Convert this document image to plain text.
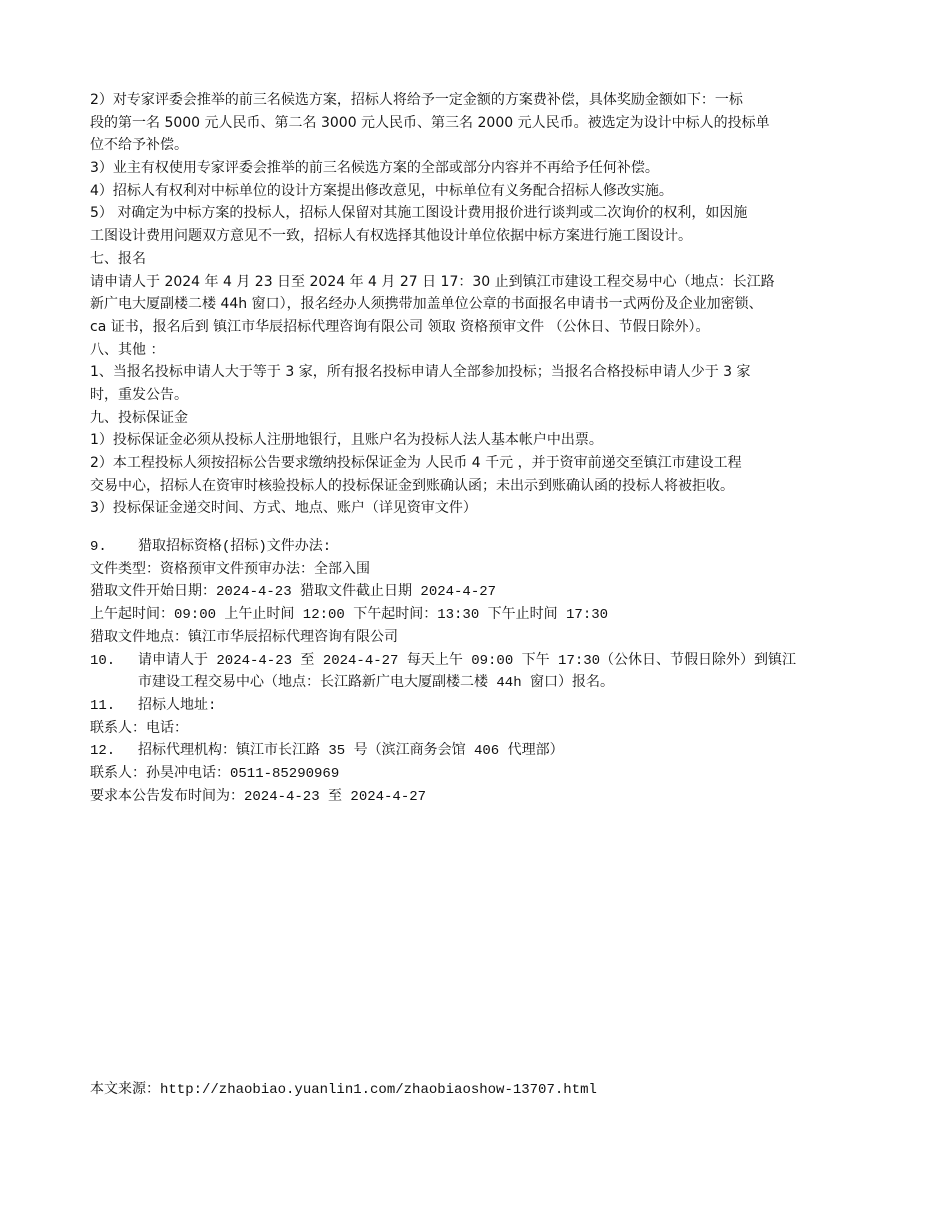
2）对专家评委会推举的前三名候选方案，招标人将给予一定金额的方案费补偿，具体奖励金额如下：一标
段的第一名 5000 元人民币、第二名 3000 元人民币、第三名 2000 元人民币。被选定为设计中标人的投标单
位不给予补偿。
3）业主有权使用专家评委会推举的前三名候选方案的全部或部分内容并不再给予任何补偿。
4）招标人有权利对中标单位的设计方案提出修改意见，中标单位有义务配合招标人修改实施。
5） 对确定为中标方案的投标人，招标人保留对其施工图设计费用报价进行谈判或二次询价的权利，如因施
工图设计费用问题双方意见不一致，招标人有权选择其他设计单位依据中标方案进行施工图设计。
七、报名
请申请人于 2024 年 4 月 23 日至 2024 年 4 月 27 日 17：30 止到镇江市建设工程交易中心（地点：长江路
新广电大厦副楼二楼 44h 窗口），报名经办人须携带加盖单位公章的书面报名申请书一式两份及企业加密锁、
ca 证书，报名后到 镇江市华辰招标代理咨询有限公司 领取 资格预审文件 （公休日、节假日除外）。
八、其他 ：
1、当报名投标申请人大于等于 3 家，所有报名投标申请人全部参加投标；当报名合格投标申请人少于 3 家
时，重发公告。
九、投标保证金
1）投标保证金必须从投标人注册地银行，且账户名为投标人法人基本帐户中出票。
2）本工程投标人须按招标公告要求缴纳投标保证金为 人民币 4 千元 ，并于资审前递交至镇江市建设工程
交易中心，招标人在资审时核验投标人的投标保证金到账确认函；未出示到账确认函的投标人将被拒收。
3）投标保证金递交时间、方式、地点、账户（详见资审文件）
9. 猎取招标资格(招标)文件办法:
文件类型：资格预审文件预审办法：全部入围
猎取文件开始日期：2024-4-23 猎取文件截止日期 2024-4-27
上午起时间：09:00 上午止时间 12:00 下午起时间：13:30 下午止时间 17:30
猎取文件地点：镇江市华辰招标代理咨询有限公司
10. 请申请人于 2024-4-23 至 2024-4-27 每天上午 09:00 下午 17:30（公休日、节假日除外）到镇江
市建设工程交易中心（地点：长江路新广电大厦副楼二楼 44h 窗口）报名。
11. 招标人地址:
联系人：电话：
12. 招标代理机构：镇江市长江路 35 号（滨江商务会馆 406 代理部）
联系人：孙昊冲电话：0511-85290969
要求本公告发布时间为：2024-4-23 至 2024-4-27
本文来源：http://zhaobiao.yuanlin1.com/zhaobiaoshow-13707.html
